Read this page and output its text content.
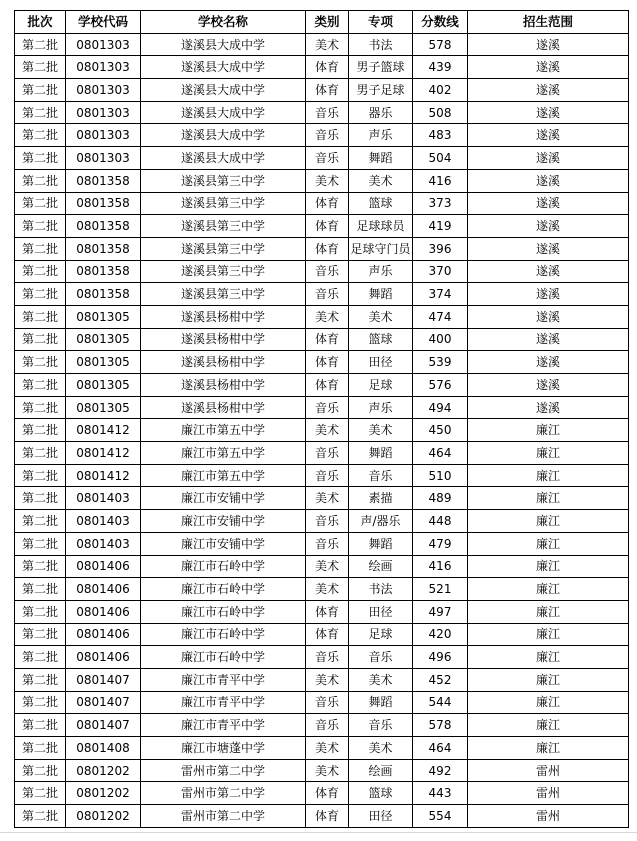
批次	学校代码	学校名称	类别	专项	分数线	招生范围
第二批	0801303	遂溪县大成中学	美术	书法	578	遂溪
第二批	0801303	遂溪县大成中学	体育	男子篮球	439	遂溪
第二批	0801303	遂溪县大成中学	体育	男子足球	402	遂溪
第二批	0801303	遂溪县大成中学	音乐	器乐	508	遂溪
第二批	0801303	遂溪县大成中学	音乐	声乐	483	遂溪
第二批	0801303	遂溪县大成中学	音乐	舞蹈	504	遂溪
第二批	0801358	遂溪县第三中学	美术	美术	416	遂溪
第二批	0801358	遂溪县第三中学	体育	篮球	373	遂溪
第二批	0801358	遂溪县第三中学	体育	足球球员	419	遂溪
第二批	0801358	遂溪县第三中学	体育	足球守门员	396	遂溪
第二批	0801358	遂溪县第三中学	音乐	声乐	370	遂溪
第二批	0801358	遂溪县第三中学	音乐	舞蹈	374	遂溪
第二批	0801305	遂溪县杨柑中学	美术	美术	474	遂溪
第二批	0801305	遂溪县杨柑中学	体育	篮球	400	遂溪
第二批	0801305	遂溪县杨柑中学	体育	田径	539	遂溪
第二批	0801305	遂溪县杨柑中学	体育	足球	576	遂溪
第二批	0801305	遂溪县杨柑中学	音乐	声乐	494	遂溪
第二批	0801412	廉江市第五中学	美术	美术	450	廉江
第二批	0801412	廉江市第五中学	音乐	舞蹈	464	廉江
第二批	0801412	廉江市第五中学	音乐	音乐	510	廉江
第二批	0801403	廉江市安铺中学	美术	素描	489	廉江
第二批	0801403	廉江市安铺中学	音乐	声/器乐	448	廉江
第二批	0801403	廉江市安铺中学	音乐	舞蹈	479	廉江
第二批	0801406	廉江市石岭中学	美术	绘画	416	廉江
第二批	0801406	廉江市石岭中学	美术	书法	521	廉江
第二批	0801406	廉江市石岭中学	体育	田径	497	廉江
第二批	0801406	廉江市石岭中学	体育	足球	420	廉江
第二批	0801406	廉江市石岭中学	音乐	音乐	496	廉江
第二批	0801407	廉江市青平中学	美术	美术	452	廉江
第二批	0801407	廉江市青平中学	音乐	舞蹈	544	廉江
第二批	0801407	廉江市青平中学	音乐	音乐	578	廉江
第二批	0801408	廉江市塘蓬中学	美术	美术	464	廉江
第二批	0801202	雷州市第二中学	美术	绘画	492	雷州
第二批	0801202	雷州市第二中学	体育	篮球	443	雷州
第二批	0801202	雷州市第二中学	体育	田径	554	雷州
